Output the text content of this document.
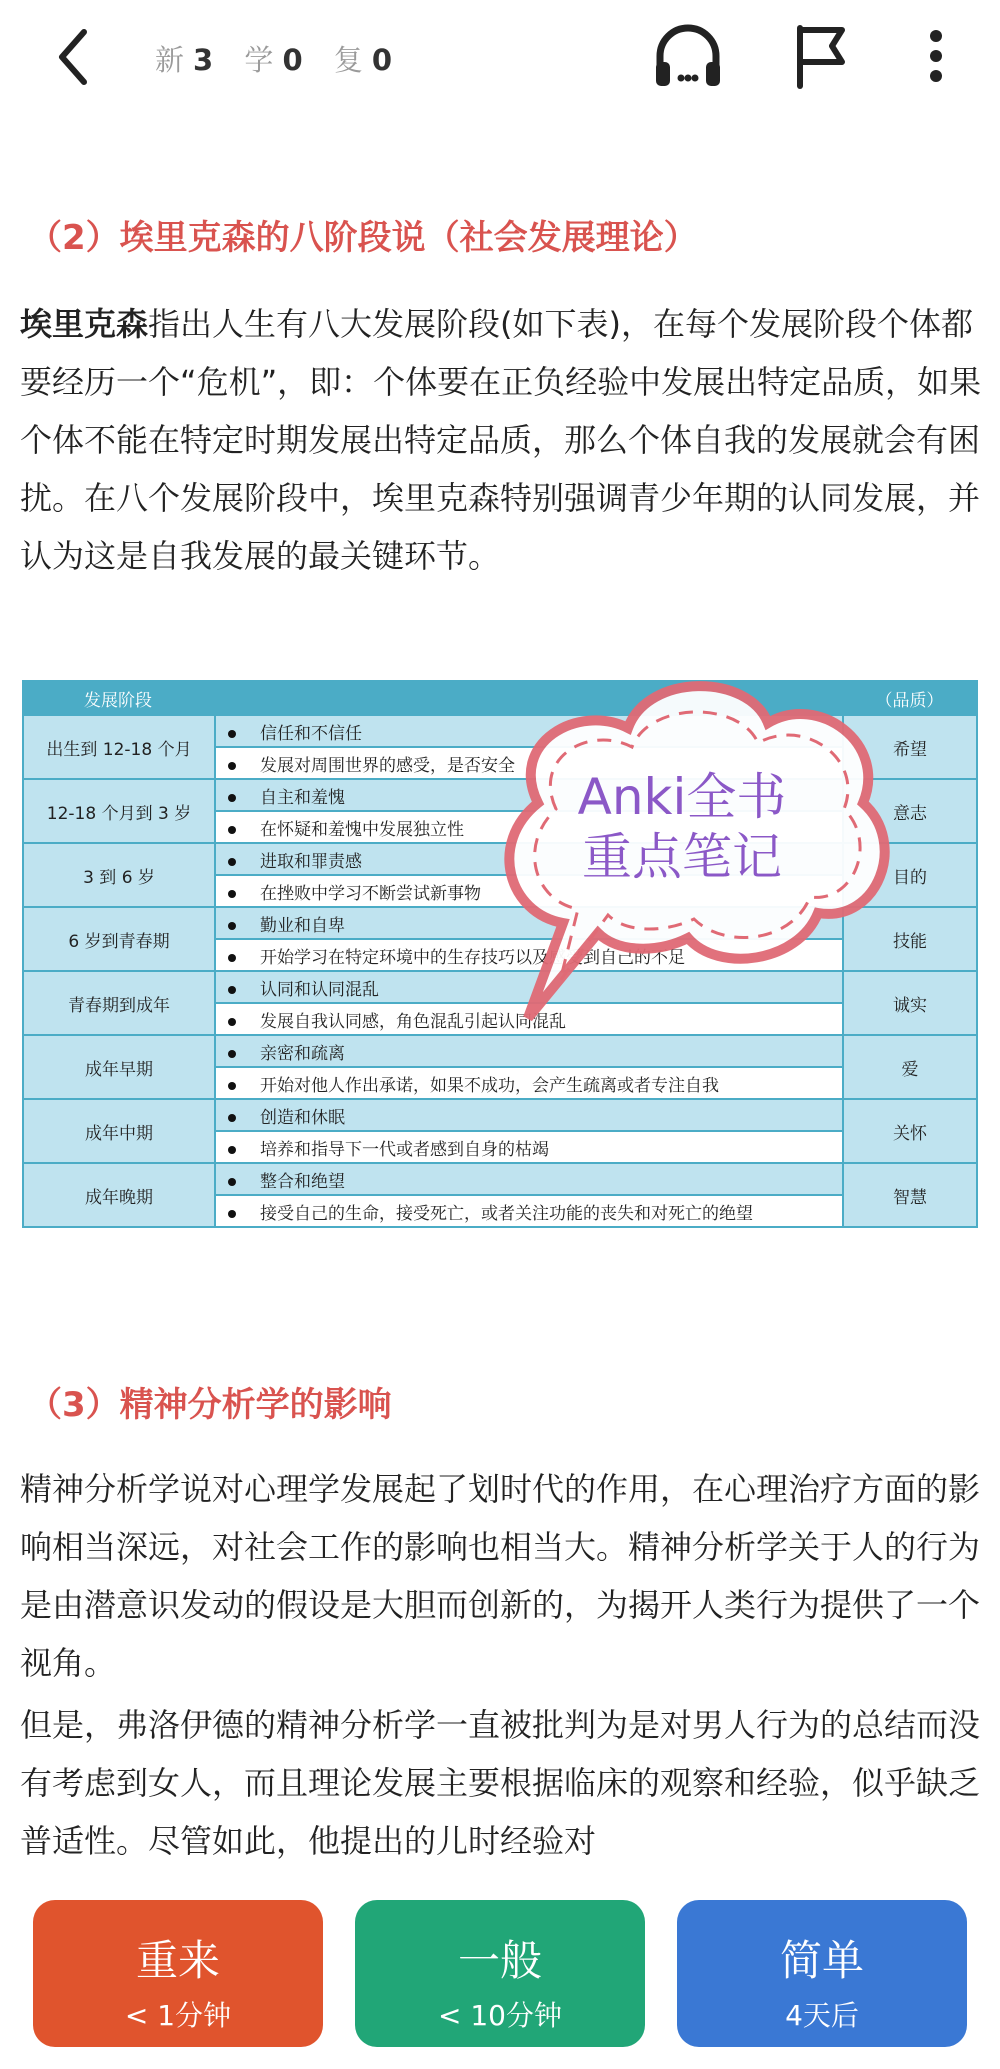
新 3 学 0 复 0
（2）埃里克森的八阶段说（社会发展理论）
埃里克森指出人生有八大发展阶段(如下表)，在每个发展阶段个体都要经历一个“危机”，即：个体要在正负经验中发展出特定品质，如果个体不能在特定时期发展出特定品质，那么个体自我的发展就会有困扰。在八个发展阶段中，埃里克森特别强调青少年期的认同发展，并认为这是自我发展的最关键环节。
发展阶段		（品质）
出生到 12-18 个月	信任和不信任	希望
	发展对周围世界的感受，是否安全	
12-18 个月到 3 岁	自主和羞愧	意志
	在怀疑和羞愧中发展独立性	
3 到 6 岁	进取和罪责感	目的
	在挫败中学习不断尝试新事物	
6 岁到青春期	勤业和自卑	技能
	开始学习在特定环境中的生存技巧以及感受到自己的不足	
青春期到成年	认同和认同混乱	诚实
	发展自我认同感，角色混乱引起认同混乱	
成年早期	亲密和疏离	爱
	开始对他人作出承诺，如果不成功，会产生疏离或者专注自我	
成年中期	创造和休眠	关怀
	培养和指导下一代或者感到自身的枯竭	
成年晚期	整合和绝望	智慧
	接受自己的生命，接受死亡，或者关注功能的丧失和对死亡的绝望	
Anki全书
重点笔记
（3）精神分析学的影响
精神分析学说对心理学发展起了划时代的作用，在心理治疗方面的影响相当深远，对社会工作的影响也相当大。精神分析学关于人的行为是由潜意识发动的假设是大胆而创新的，为揭开人类行为提供了一个视角。
但是，弗洛伊德的精神分析学一直被批判为是对男人行为的总结而没有考虑到女人，而且理论发展主要根据临床的观察和经验，似乎缺乏普适性。尽管如此，他提出的儿时经验对
重来
< 1分钟
一般
< 10分钟
简单
4天后
